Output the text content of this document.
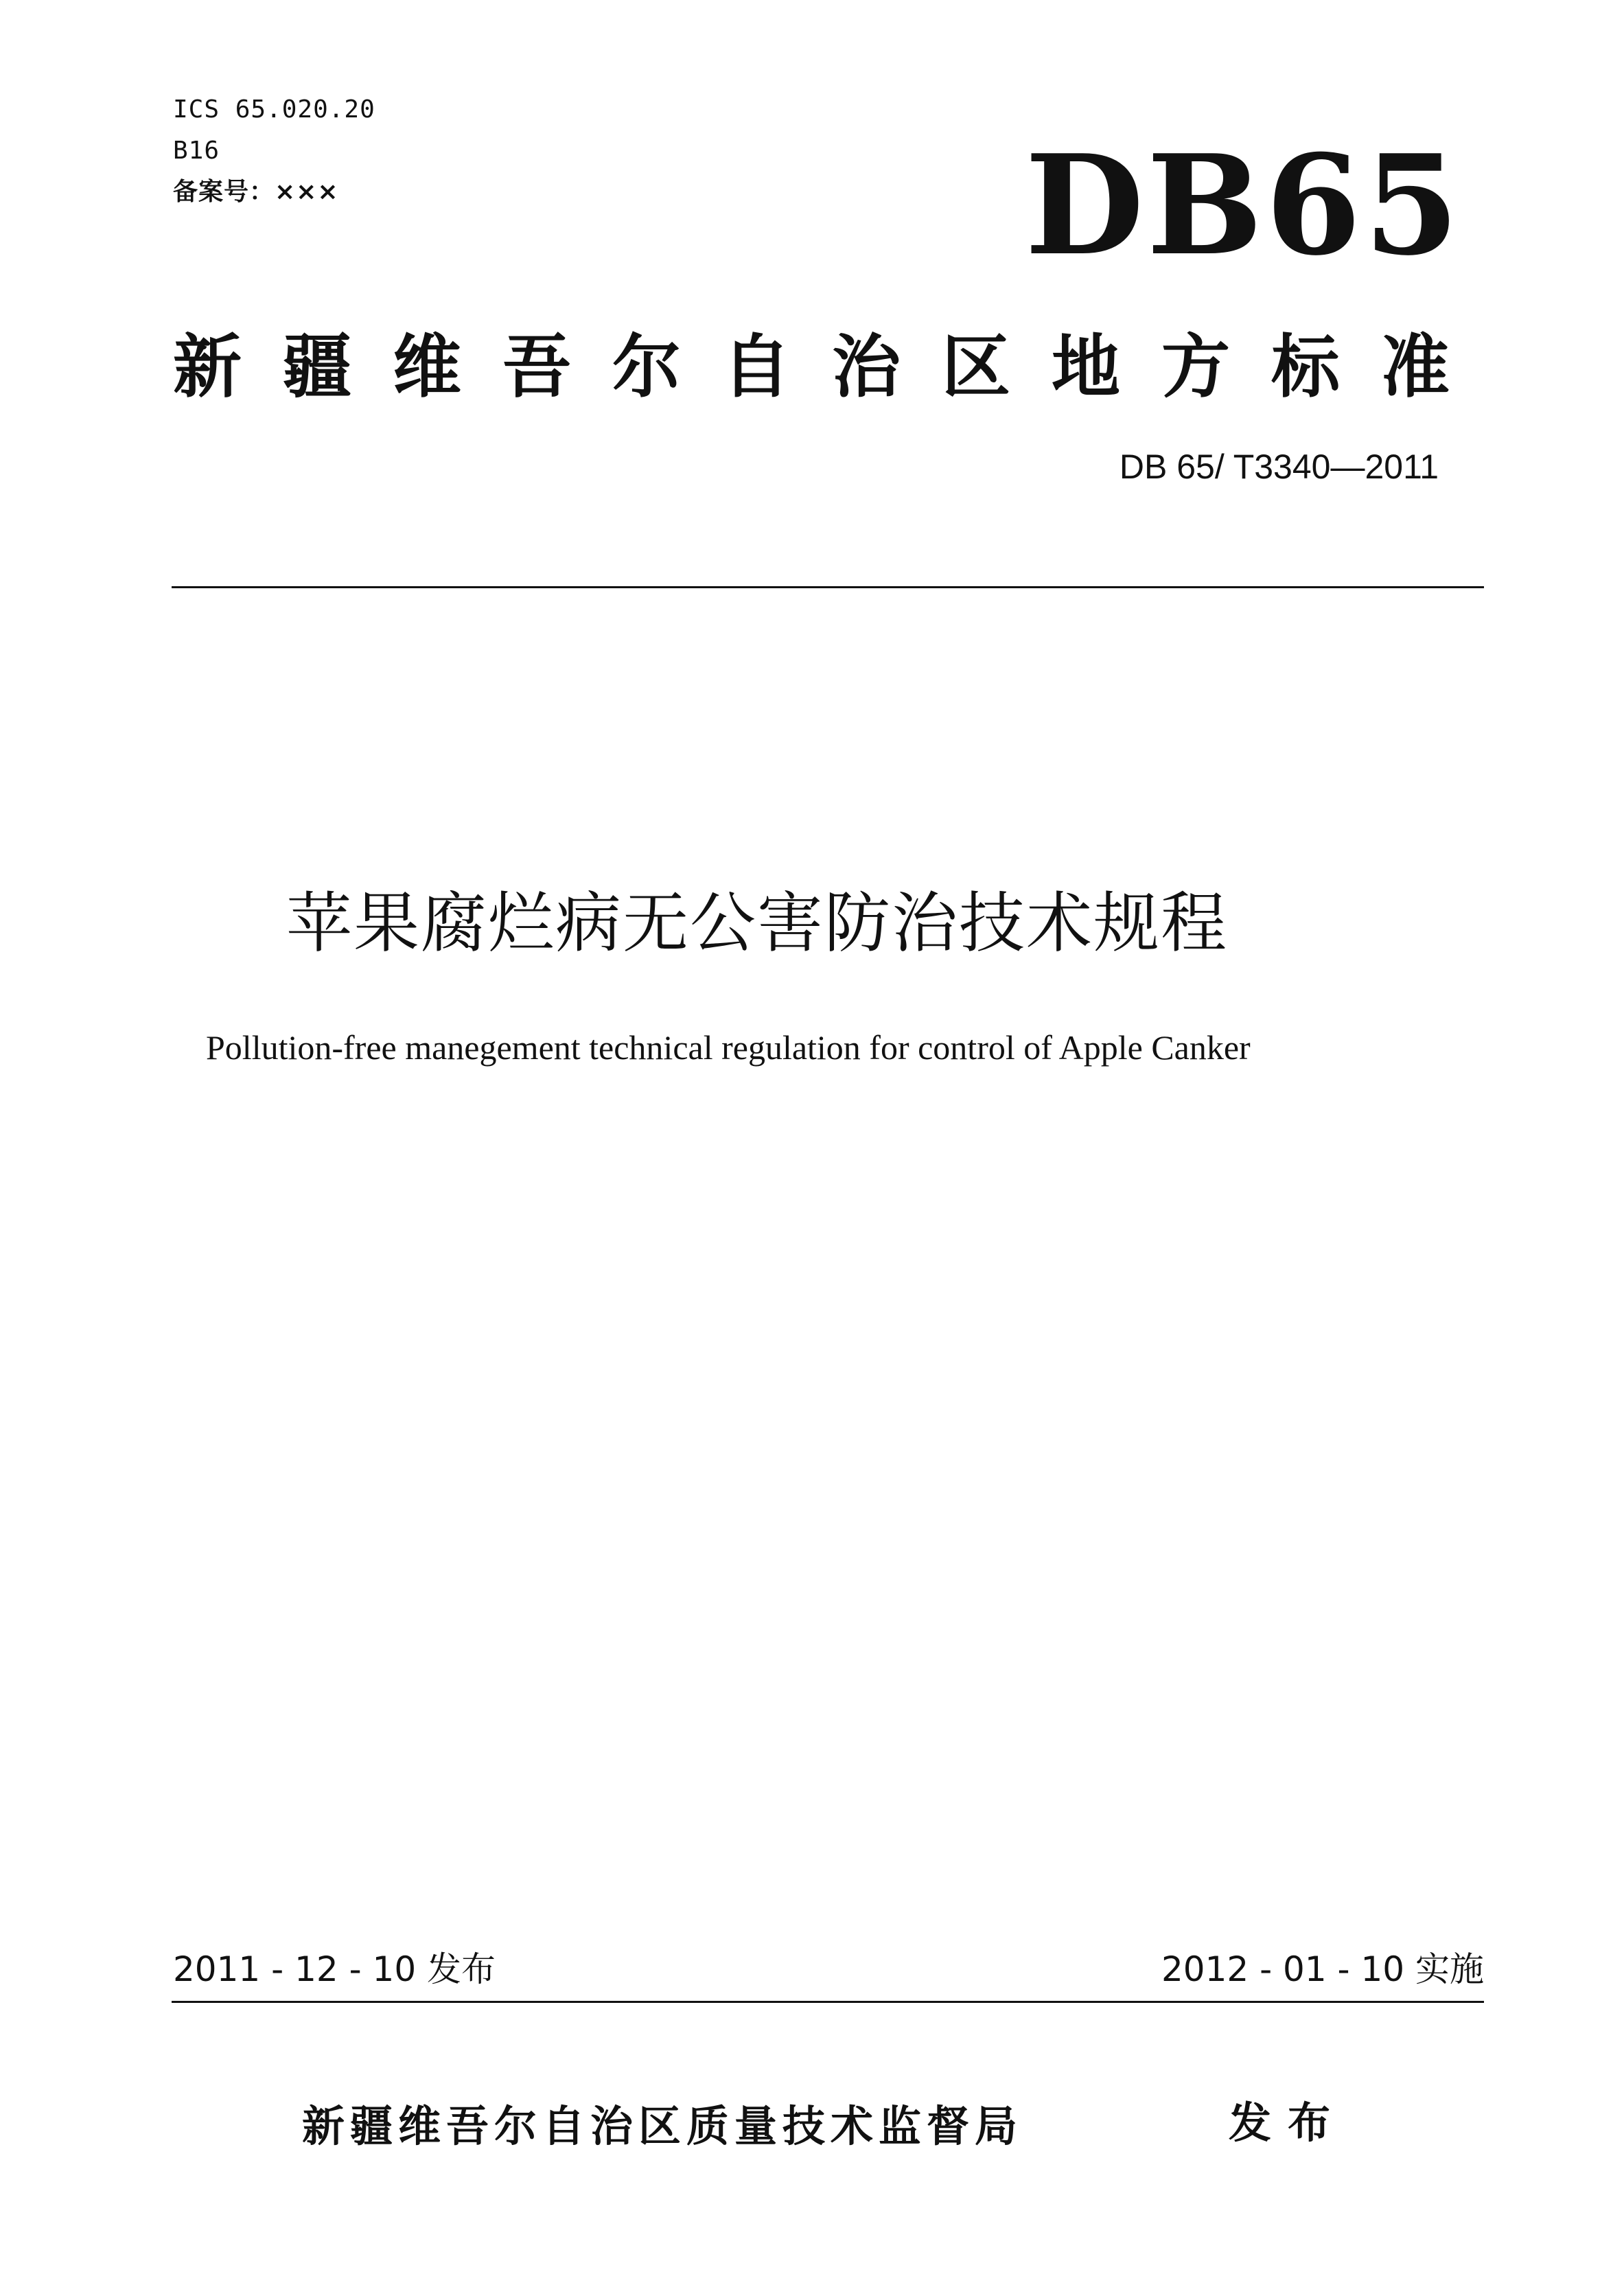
ICS 65.020.20
B16
备案号：×××	DB65
新 疆 维 吾 尔 自 治 区 地 方 标 准
DB 65/ T3340—2011
苹果腐烂病无公害防治技术规程
Pollution-free manegement technical regulation for control of Apple Canker
2011 - 12 - 10 发布	2012 - 01 - 10 实施
新疆维吾尔自治区质量技术监督局	发布
